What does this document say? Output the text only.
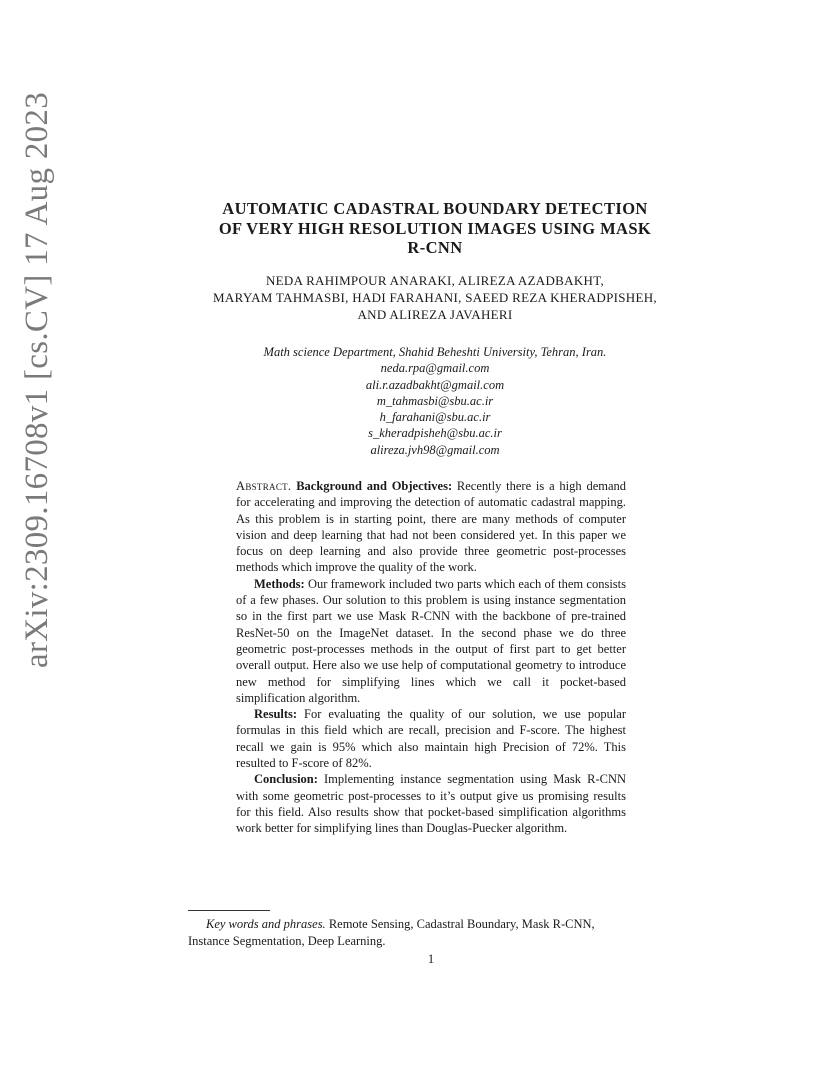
arXiv:2309.16708v1 [cs.CV] 17 Aug 2023	AUTOMATIC CADASTRAL BOUNDARY DETECTION
OF VERY HIGH RESOLUTION IMAGES USING MASK
R-CNN
NEDA RAHIMPOUR ANARAKI, ALIREZA AZADBAKHT,
MARYAM TAHMASBI, HADI FARAHANI, SAEED REZA KHERADPISHEH,
AND ALIREZA JAVAHERI
Math science Department, Shahid Beheshti University, Tehran, Iran.
neda.rpa@gmail.com
ali.r.azadbakht@gmail.com
m_tahmasbi@sbu.ac.ir
h_farahani@sbu.ac.ir
s_kheradpisheh@sbu.ac.ir
alireza.jvh98@gmail.com

Abstract. Background and Objectives: Recently there is a high demand for accelerating and improving the detection of automatic cadastral mapping. As this problem is in starting point, there are many methods of computer vision and deep learning that had not been considered yet. In this paper we focus on deep learning and also provide three geometric post-processes methods which improve the quality of the work.

Methods: Our framework included two parts which each of them consists of a few phases. Our solution to this problem is using instance segmentation so in the first part we use Mask R-CNN with the backbone of pre-trained ResNet-50 on the ImageNet dataset. In the second phase we do three geometric post-processes methods in the output of first part to get better overall output. Here also we use help of computational geometry to introduce new method for simplifying lines which we call it pocket-based simplification algorithm.

Results: For evaluating the quality of our solution, we use popular formulas in this field which are recall, precision and F-score. The highest recall we gain is 95% which also maintain high Precision of 72%. This resulted to F-score of 82%.

Conclusion: Implementing instance segmentation using Mask R-CNN with some geometric post-processes to it’s output give us promising results for this field. Also results show that pocket-based simplification algorithms work better for simplifying lines than Douglas-Puecker algorithm.

Key words and phrases. Remote Sensing, Cadastral Boundary, Mask R-CNN,
Instance Segmentation, Deep Learning.
1
